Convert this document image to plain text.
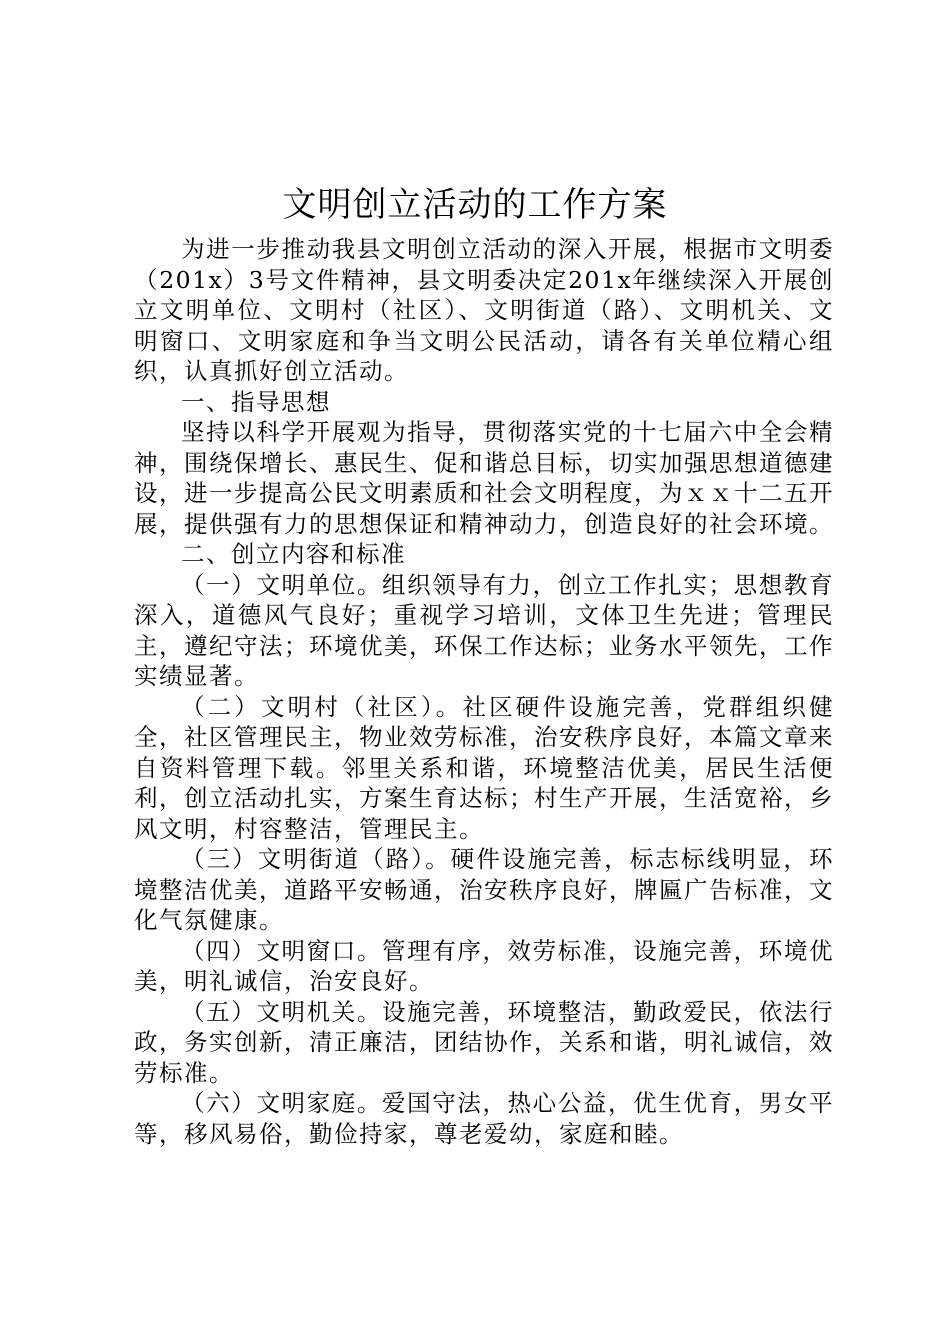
文明创立活动的工作方案

为进一步推动我县文明创立活动的深入开展，根据市文明委（201x）3号文件精神，县文明委决定201x年继续深入开展创立文明单位、文明村（社区）、文明街道（路）、文明机关、文明窗口、文明家庭和争当文明公民活动，请各有关单位精心组织，认真抓好创立活动。

一、指导思想

坚持以科学开展观为指导，贯彻落实党的十七届六中全会精神，围绕保增长、惠民生、促和谐总目标，切实加强思想道德建设，进一步提高公民文明素质和社会文明程度，为ｘｘ十二五开展，提供强有力的思想保证和精神动力，创造良好的社会环境。

二、创立内容和标准

（一）文明单位。组织领导有力，创立工作扎实；思想教育深入，道德风气良好；重视学习培训，文体卫生先进；管理民主，遵纪守法；环境优美，环保工作达标；业务水平领先，工作实绩显著。

（二）文明村（社区）。社区硬件设施完善，党群组织健全，社区管理民主，物业效劳标准，治安秩序良好，本篇文章来自资料管理下载。邻里关系和谐，环境整洁优美，居民生活便利，创立活动扎实，方案生育达标；村生产开展，生活宽裕，乡风文明，村容整洁，管理民主。

（三）文明街道（路）。硬件设施完善，标志标线明显，环境整洁优美，道路平安畅通，治安秩序良好，牌匾广告标准，文化气氛健康。

（四）文明窗口。管理有序，效劳标准，设施完善，环境优美，明礼诚信，治安良好。

（五）文明机关。设施完善，环境整洁，勤政爱民，依法行政，务实创新，清正廉洁，团结协作，关系和谐，明礼诚信，效劳标准。

（六）文明家庭。爱国守法，热心公益，优生优育，男女平等，移风易俗，勤俭持家，尊老爱幼，家庭和睦。
